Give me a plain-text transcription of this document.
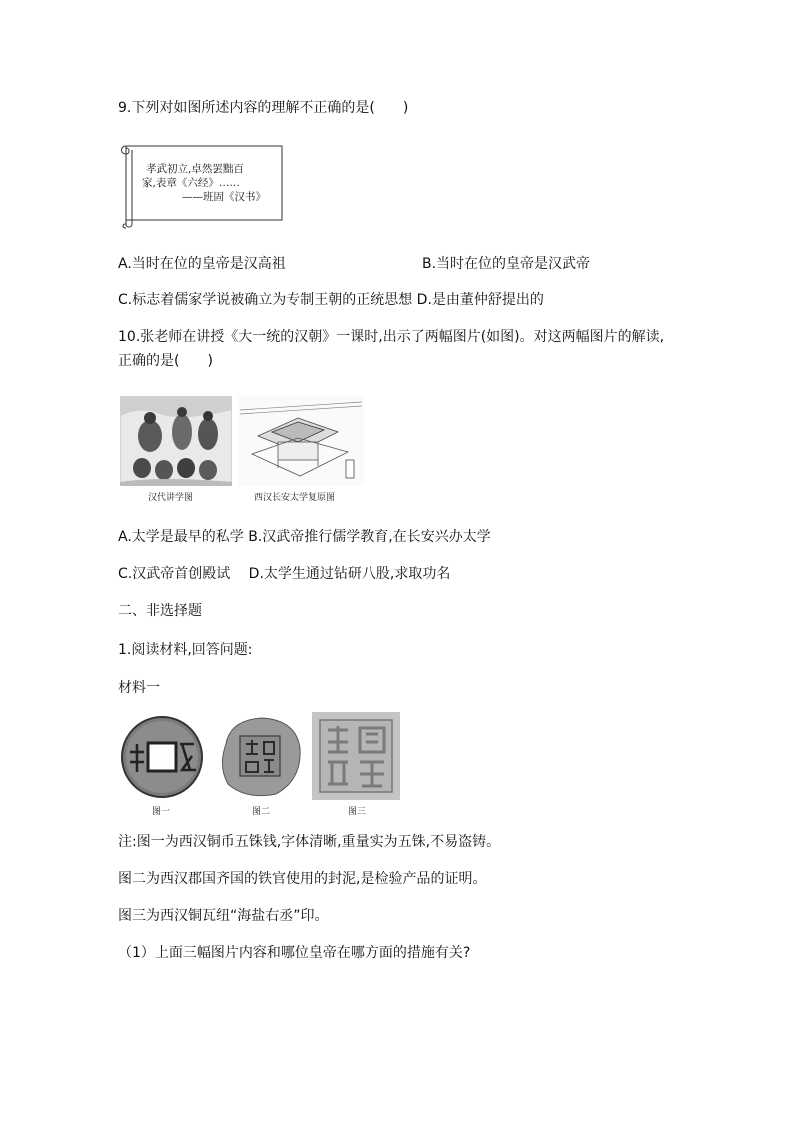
9.下列对如图所述内容的理解不正确的是(　　)
孝武初立,卓然罢黜百
家,表章《六经》……
——班固《汉书》
A.当时在位的皇帝是汉高祖	B.当时在位的皇帝是汉武帝
C.标志着儒家学说被确立为专制王朝的正统思想 D.是由董仲舒提出的
10.张老师在讲授《大一统的汉朝》一课时,出示了两幅图片(如图)。对这两幅图片的解读,
正确的是(　　)
汉代讲学图	西汉长安太学复原图
A.太学是最早的私学 B.汉武帝推行儒学教育,在长安兴办太学
C.汉武帝首创殿试　 D.太学生通过钻研八股,求取功名
二、非选择题
1.阅读材料,回答问题:
材料一
图一	图二	图三
注:图一为西汉铜币五铢钱,字体清晰,重量实为五铢,不易盗铸。
图二为西汉郡国齐国的铁官使用的封泥,是检验产品的证明。
图三为西汉铜瓦纽“海盐右丞”印。
（1）上面三幅图片内容和哪位皇帝在哪方面的措施有关?
